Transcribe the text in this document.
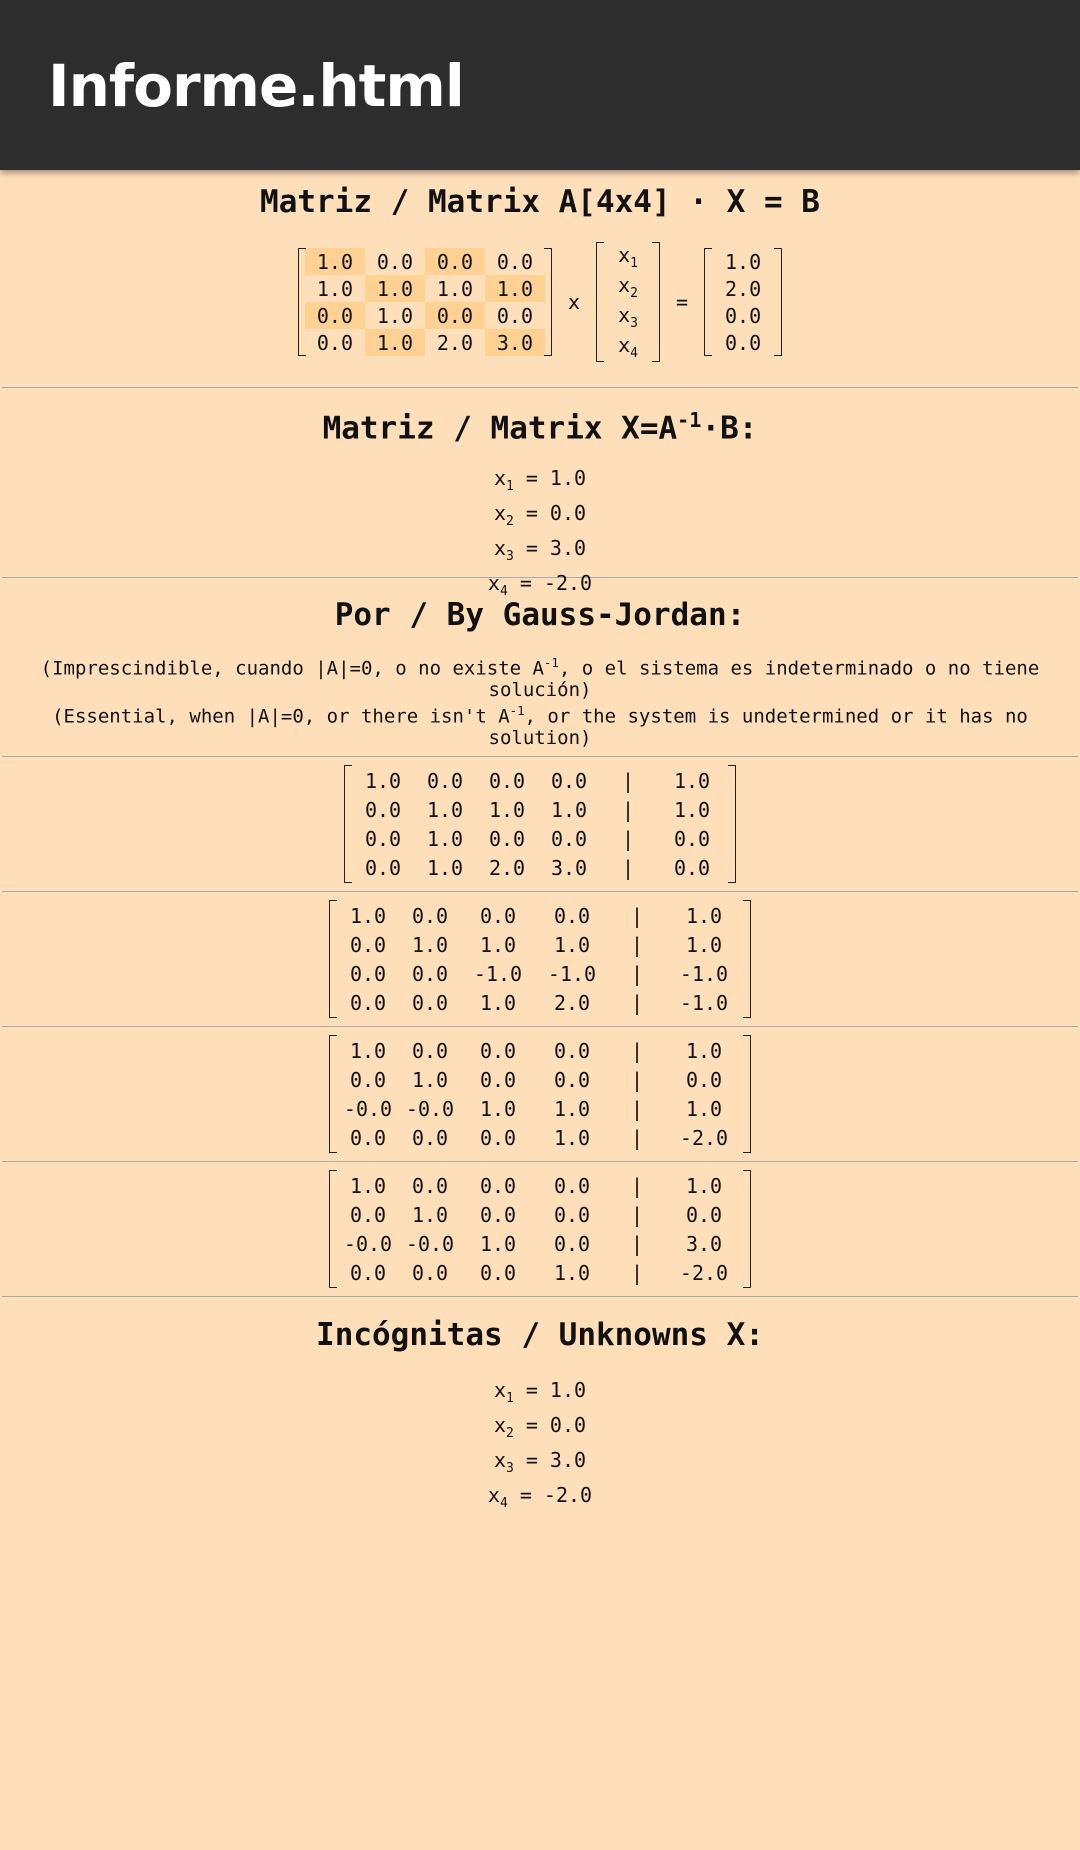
Informe.html
Matriz / Matrix A[4x4] · X = B
1.0	0.0	0.0	0.0
1.0	1.0	1.0	1.0
0.0	1.0	0.0	0.0
0.0	1.0	2.0	3.0
x
$x_1$
$x_2$
$x_3$
$x_4$
=
1.0
2.0
0.0
0.0
Matriz / Matrix $X=A^{-1}\cdot B$:
$x_1 = 1.0$
$x_2 = 0.0$
$x_3 = 3.0$
$x_4 = -2.0$
Por / By Gauss-Jordan:
(Imprescindible, cuando |A|=0, o no existe $A^{-1}$, o el sistema es indeterminado o no tiene solución)
(Essential, when |A|=0, or there isn't $A^{-1}$, or the system is undetermined or it has no solution)
1.0	0.0	0.0	0.0	|	1.0
0.0	1.0	1.0	1.0	|	1.0
0.0	1.0	0.0	0.0	|	0.0
0.0	1.0	2.0	3.0	|	0.0
1.0	0.0	0.0	0.0	|	1.0
0.0	1.0	1.0	1.0	|	1.0
0.0	0.0	-1.0	-1.0	|	-1.0
0.0	0.0	1.0	2.0	|	-1.0
1.0	0.0	0.0	0.0	|	1.0
0.0	1.0	0.0	0.0	|	0.0
-0.0	-0.0	1.0	1.0	|	1.0
0.0	0.0	0.0	1.0	|	-2.0
1.0	0.0	0.0	0.0	|	1.0
0.0	1.0	0.0	0.0	|	0.0
-0.0	-0.0	1.0	0.0	|	3.0
0.0	0.0	0.0	1.0	|	-2.0
Incógnitas / Unknowns X:
$x_1 = 1.0$
$x_2 = 0.0$
$x_3 = 3.0$
$x_4 = -2.0$
